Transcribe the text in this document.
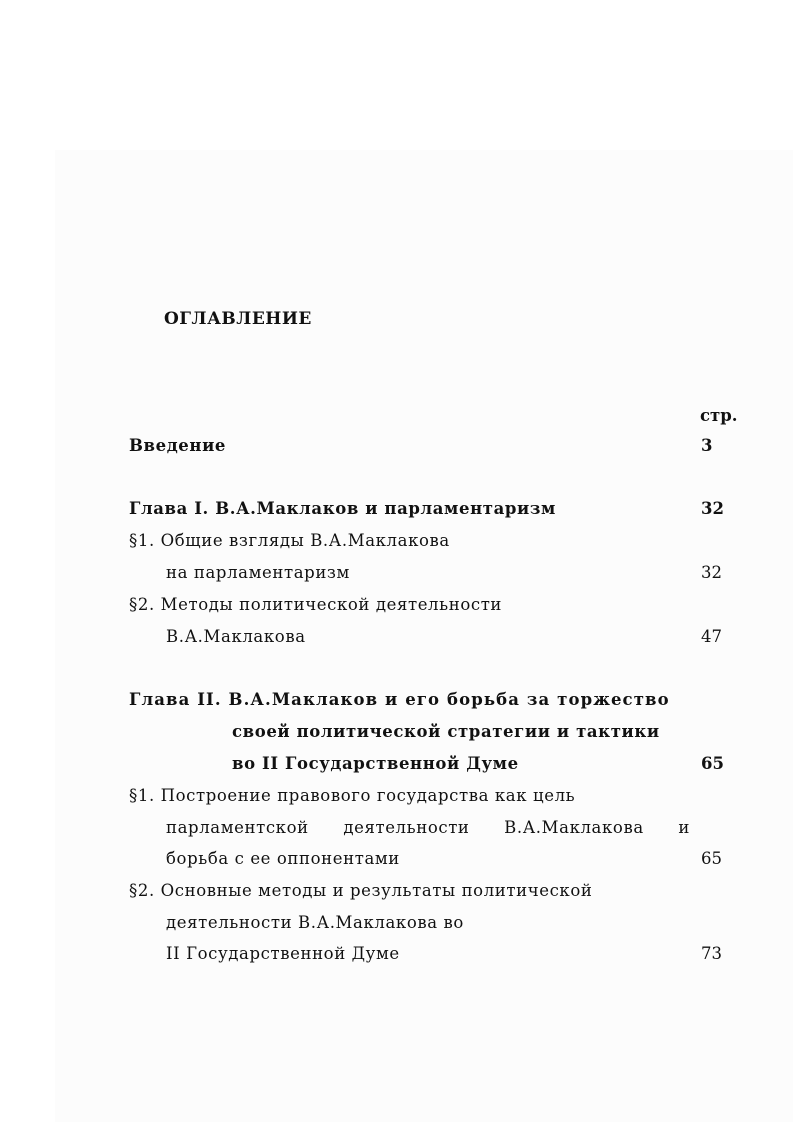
ОГЛАВЛЕНИЕ
стр.
Введение	3
Глава I. В.А.Маклаков и парламентаризм	32
§1. Общие взгляды В.А.Маклакова
на парламентаризм	32
§2. Методы политической деятельности
В.А.Маклакова	47
Глава II. В.А.Маклаков и его борьба за торжество
своей политической стратегии и тактики
во II Государственной Думе	65
§1. Построение правового государства как цель
парламентской деятельности В.А.Маклакова и
борьба с ее оппонентами	65
§2. Основные методы и результаты политической
деятельности В.А.Маклакова во
II Государственной Думе	73
